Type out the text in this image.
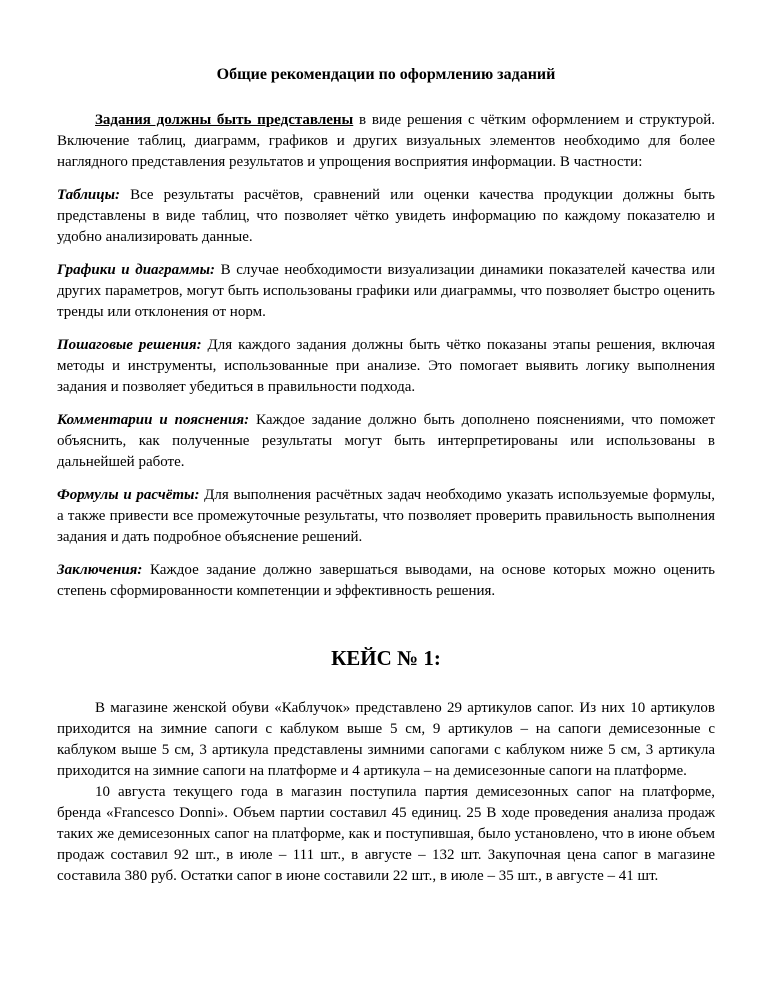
Общие рекомендации по оформлению заданий

Задания должны быть представлены в виде решения с чётким оформлением и структурой. Включение таблиц, диаграмм, графиков и других визуальных элементов необходимо для более наглядного представления результатов и упрощения восприятия информации. В частности:

Таблицы: Все результаты расчётов, сравнений или оценки качества продукции должны быть представлены в виде таблиц, что позволяет чётко увидеть информацию по каждому показателю и удобно анализировать данные.

Графики и диаграммы: В случае необходимости визуализации динамики показателей качества или других параметров, могут быть использованы графики или диаграммы, что позволяет быстро оценить тренды или отклонения от норм.

Пошаговые решения: Для каждого задания должны быть чётко показаны этапы решения, включая методы и инструменты, использованные при анализе. Это помогает выявить логику выполнения задания и позволяет убедиться в правильности подхода.

Комментарии и пояснения: Каждое задание должно быть дополнено пояснениями, что поможет объяснить, как полученные результаты могут быть интерпретированы или использованы в дальнейшей работе.

Формулы и расчёты: Для выполнения расчётных задач необходимо указать используемые формулы, а также привести все промежуточные результаты, что позволяет проверить правильность выполнения задания и дать подробное объяснение решений.

Заключения: Каждое задание должно завершаться выводами, на основе которых можно оценить степень сформированности компетенции и эффективность решения.

КЕЙС № 1:

В магазине женской обуви «Каблучок» представлено 29 артикулов сапог. Из них 10 артикулов приходится на зимние сапоги с каблуком выше 5 см, 9 артикулов – на сапоги демисезонные с каблуком выше 5 см, 3 артикула представлены зимними сапогами с каблуком ниже 5 см, 3 артикула приходится на зимние сапоги на платформе и 4 артикула – на демисезонные сапоги на платформе.

10 августа текущего года в магазин поступила партия демисезонных сапог на платформе, бренда «Francesco Donni». Объем партии составил 45 единиц. 25 В ходе проведения анализа продаж таких же демисезонных сапог на платформе, как и поступившая, было установлено, что в июне объем продаж составил 92 шт., в июле – 111 шт., в августе – 132 шт. Закупочная цена сапог в магазине составила 380 руб. Остатки сапог в июне составили 22 шт., в июле – 35 шт., в августе – 41 шт.
